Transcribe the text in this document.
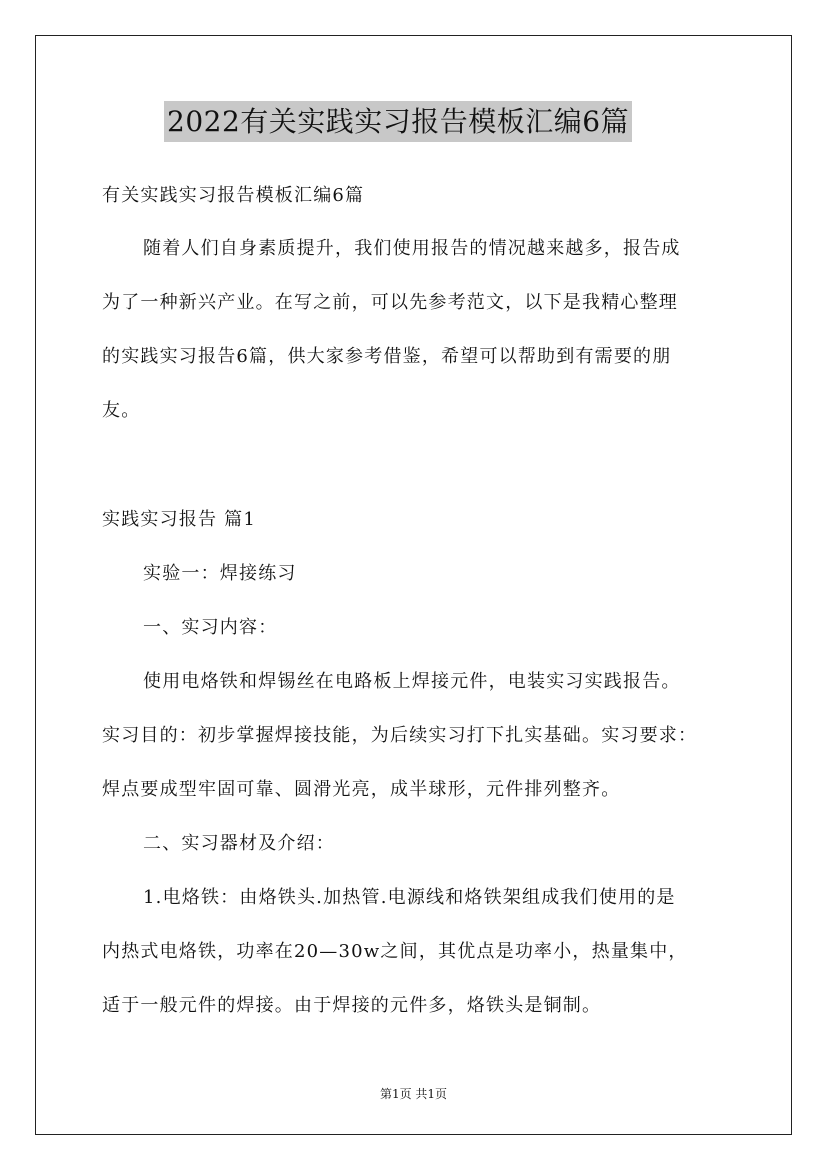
2022有关实践实习报告模板汇编6篇
有关实践实习报告模板汇编6篇
随着人们自身素质提升，我们使用报告的情况越来越多，报告成
为了一种新兴产业。在写之前，可以先参考范文，以下是我精心整理
的实践实习报告6篇，供大家参考借鉴，希望可以帮助到有需要的朋
友。
实践实习报告 篇1
实验一：焊接练习
一、实习内容：
使用电烙铁和焊锡丝在电路板上焊接元件，电装实习实践报告。
实习目的：初步掌握焊接技能，为后续实习打下扎实基础。实习要求：
焊点要成型牢固可靠、圆滑光亮，成半球形，元件排列整齐。
二、实习器材及介绍：
1.电烙铁：由烙铁头.加热管.电源线和烙铁架组成我们使用的是
内热式电烙铁，功率在20—30w之间，其优点是功率小，热量集中，
适于一般元件的焊接。由于焊接的元件多，烙铁头是铜制。
第1页 共1页
